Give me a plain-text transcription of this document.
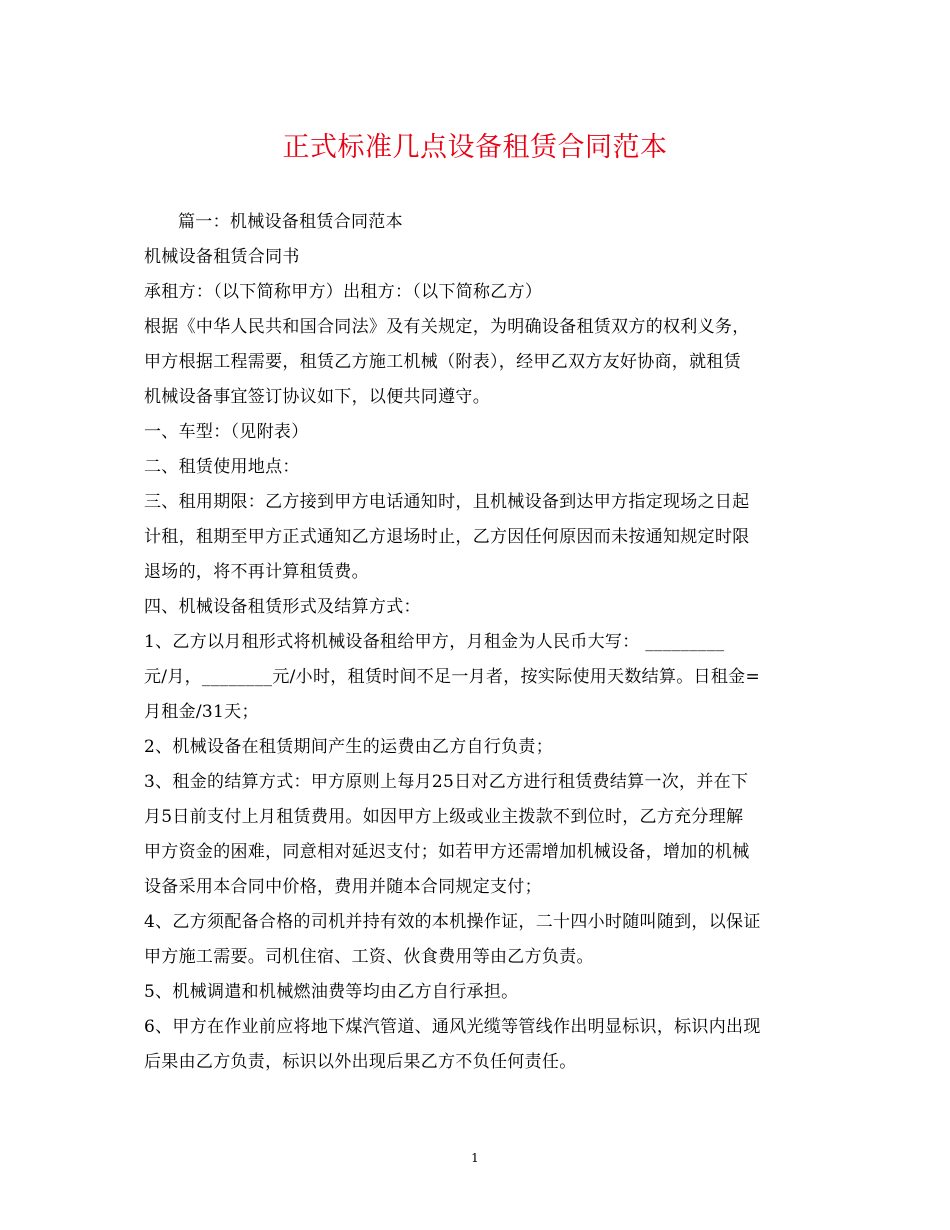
正式标准几点设备租赁合同范本
篇一：机械设备租赁合同范本
机械设备租赁合同书
承租方：（以下简称甲方）出租方：（以下简称乙方）
根据《中华人民共和国合同法》及有关规定，为明确设备租赁双方的权利义务，
甲方根据工程需要，租赁乙方施工机械（附表），经甲乙双方友好协商，就租赁
机械设备事宜签订协议如下，以便共同遵守。
一、车型：（见附表）
二、租赁使用地点：
三、租用期限：乙方接到甲方电话通知时，且机械设备到达甲方指定现场之日起
计租，租期至甲方正式通知乙方退场时止，乙方因任何原因而未按通知规定时限
退场的，将不再计算租赁费。
四、机械设备租赁形式及结算方式：
1、乙方以月租形式将机械设备租给甲方，月租金为人民币大写： _________
元/月，________元/小时，租赁时间不足一月者，按实际使用天数结算。日租金=
月租金/31天；
2、机械设备在租赁期间产生的运费由乙方自行负责；
3、租金的结算方式：甲方原则上每月25日对乙方进行租赁费结算一次，并在下
月5日前支付上月租赁费用。如因甲方上级或业主拨款不到位时，乙方充分理解
甲方资金的困难，同意相对延迟支付；如若甲方还需增加机械设备，增加的机械
设备采用本合同中价格，费用并随本合同规定支付；
4、乙方须配备合格的司机并持有效的本机操作证，二十四小时随叫随到，以保证
甲方施工需要。司机住宿、工资、伙食费用等由乙方负责。
5、机械调遣和机械燃油费等均由乙方自行承担。
6、甲方在作业前应将地下煤汽管道、通风光缆等管线作出明显标识，标识内出现
后果由乙方负责，标识以外出现后果乙方不负任何责任。
1
